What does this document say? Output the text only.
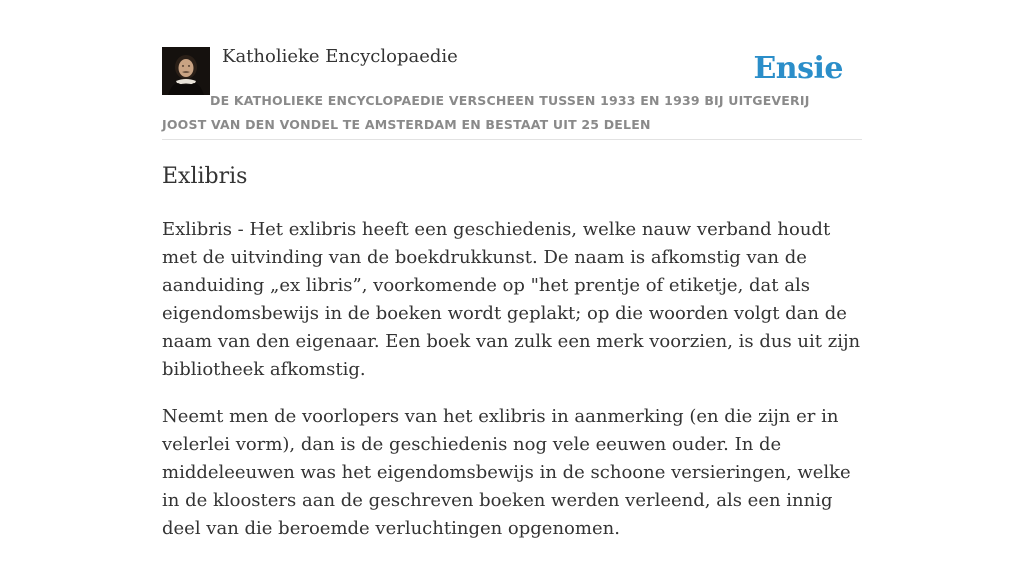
Katholieke Encyclopaedie	Ensie
DE KATHOLIEKE ENCYCLOPAEDIE VERSCHEEN TUSSEN 1933 EN 1939 BIJ UITGEVERIJ JOOST VAN DEN VONDEL TE AMSTERDAM EN BESTAAT UIT 25 DELEN
Exlibris

Exlibris - Het exlibris heeft een geschiedenis, welke nauw verband houdt met de uitvinding van de boekdrukkunst. De naam is afkomstig van de aanduiding „ex libris”, voorkomende op "het prentje of etiketje, dat als eigendomsbewijs in de boeken wordt geplakt; op die woorden volgt dan de naam van den eigenaar. Een boek van zulk een merk voorzien, is dus uit zijn bibliotheek afkomstig.

Neemt men de voorlopers van het exlibris in aanmerking (en die zijn er in velerlei vorm), dan is de geschiedenis nog vele eeuwen ouder. In de middeleeuwen was het eigendomsbewijs in de schoone versieringen, welke in de kloosters aan de geschreven boeken werden verleend, als een innig deel van die beroemde verluchtingen opgenomen.
